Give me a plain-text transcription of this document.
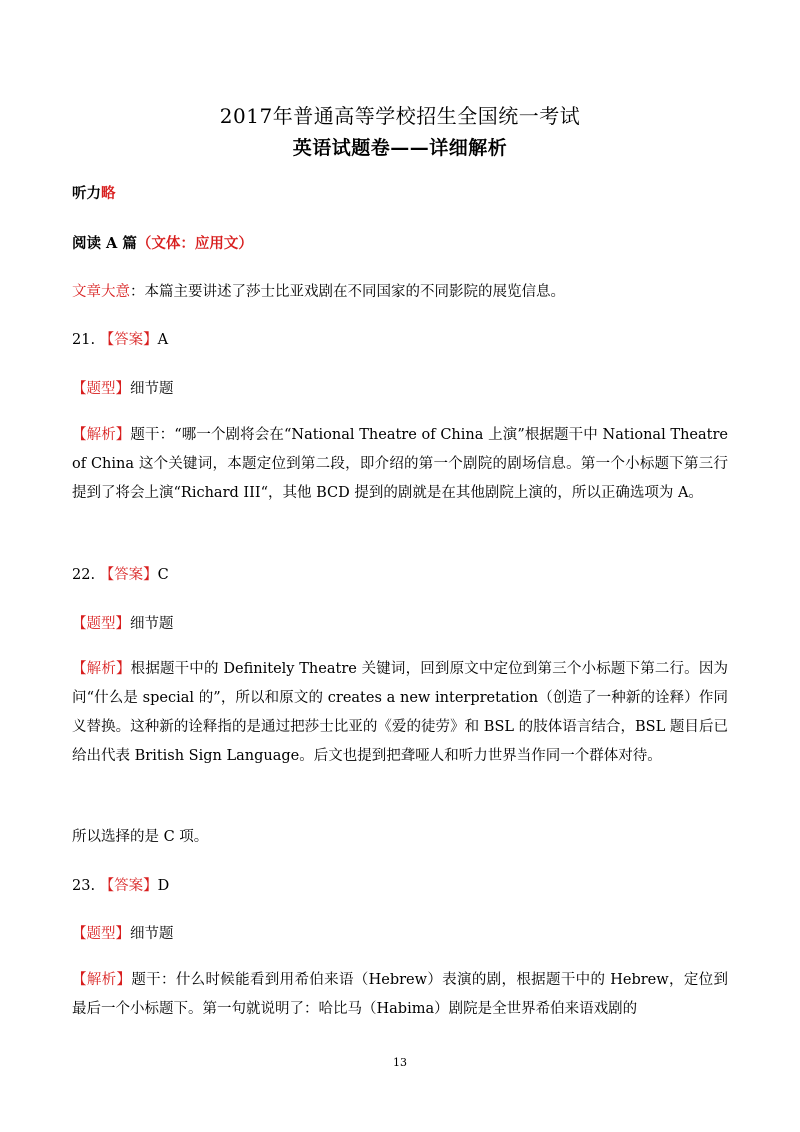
2017年普通高等学校招生全国统一考试
英语试题卷——详细解析
听力略
阅读 A 篇（文体：应用文）
文章大意：本篇主要讲述了莎士比亚戏剧在不同国家的不同影院的展览信息。
21. 【答案】A
【题型】细节题
【解析】题干：“哪一个剧将会在“National Theatre of China 上演”根据题干中 National Theatre of China 这个关键词，本题定位到第二段，即介绍的第一个剧院的剧场信息。第一个小标题下第三行提到了将会上演“Richard III“，其他 BCD 提到的剧就是在其他剧院上演的，所以正确选项为 A。
22. 【答案】C
【题型】细节题
【解析】根据题干中的 Definitely Theatre 关键词，回到原文中定位到第三个小标题下第二行。因为问“什么是 special 的”，所以和原文的 creates a new interpretation（创造了一种新的诠释）作同义替换。这种新的诠释指的是通过把莎士比亚的《爱的徒劳》和 BSL 的肢体语言结合，BSL 题目后已给出代表 British Sign Language。后文也提到把聋哑人和听力世界当作同一个群体对待。
所以选择的是 C 项。
23. 【答案】D
【题型】细节题
【解析】题干：什么时候能看到用希伯来语（Hebrew）表演的剧，根据题干中的 Hebrew，定位到最后一个小标题下。第一句就说明了：哈比马（Habima）剧院是全世界希伯来语戏剧的
13
